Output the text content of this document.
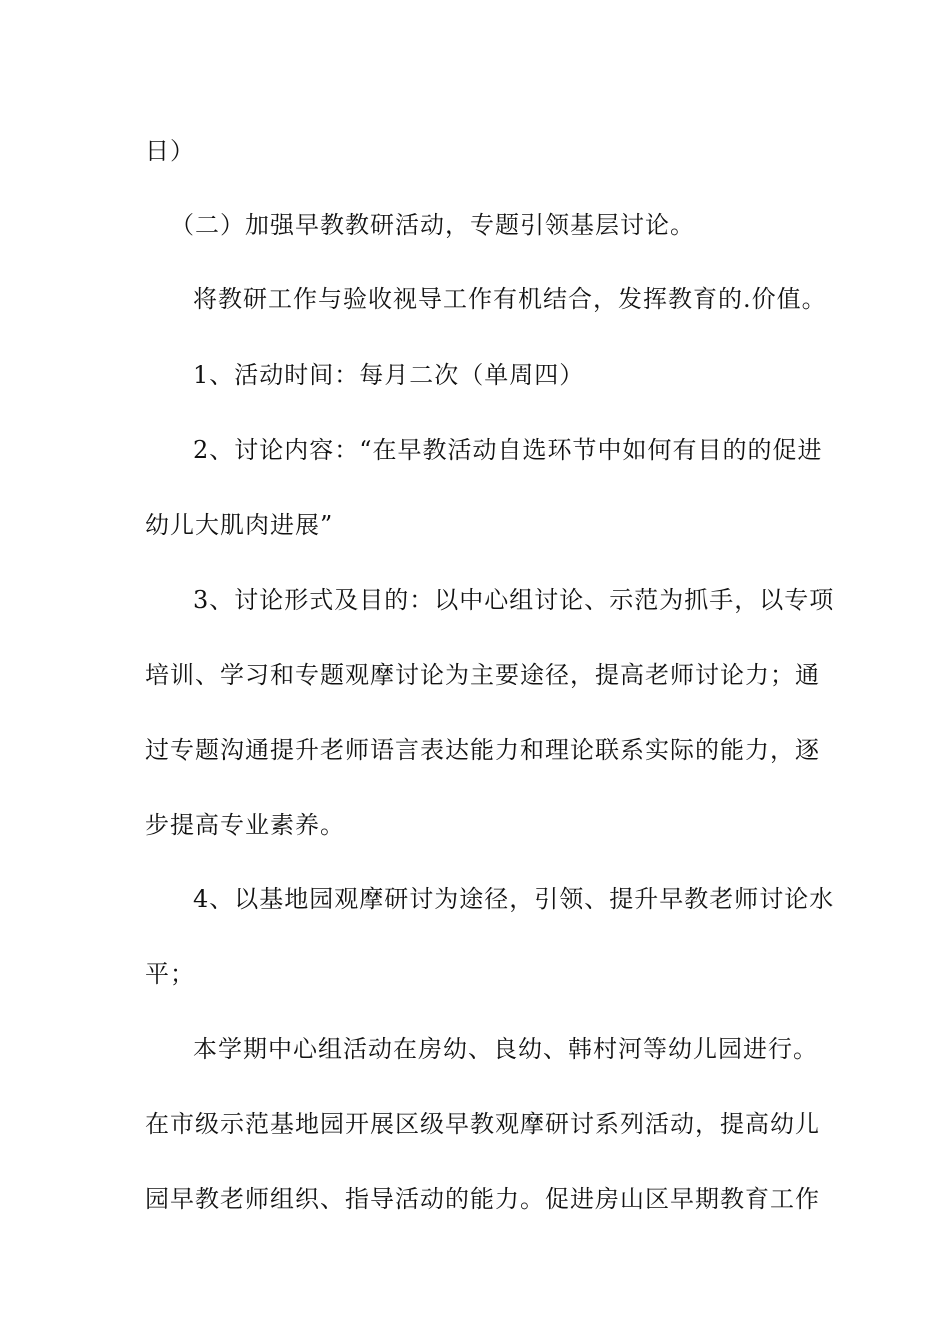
日）
（二）加强早教教研活动，专题引领基层讨论。
将教研工作与验收视导工作有机结合，发挥教育的.价值。
1、活动时间：每月二次（单周四）
2、讨论内容：“在早教活动自选环节中如何有目的的促进
幼儿大肌肉进展”
3、讨论形式及目的：以中心组讨论、示范为抓手，以专项
培训、学习和专题观摩讨论为主要途径，提高老师讨论力；通
过专题沟通提升老师语言表达能力和理论联系实际的能力，逐
步提高专业素养。
4、以基地园观摩研讨为途径，引领、提升早教老师讨论水
平；
本学期中心组活动在房幼、良幼、韩村河等幼儿园进行。
在市级示范基地园开展区级早教观摩研讨系列活动，提高幼儿
园早教老师组织、指导活动的能力。促进房山区早期教育工作
